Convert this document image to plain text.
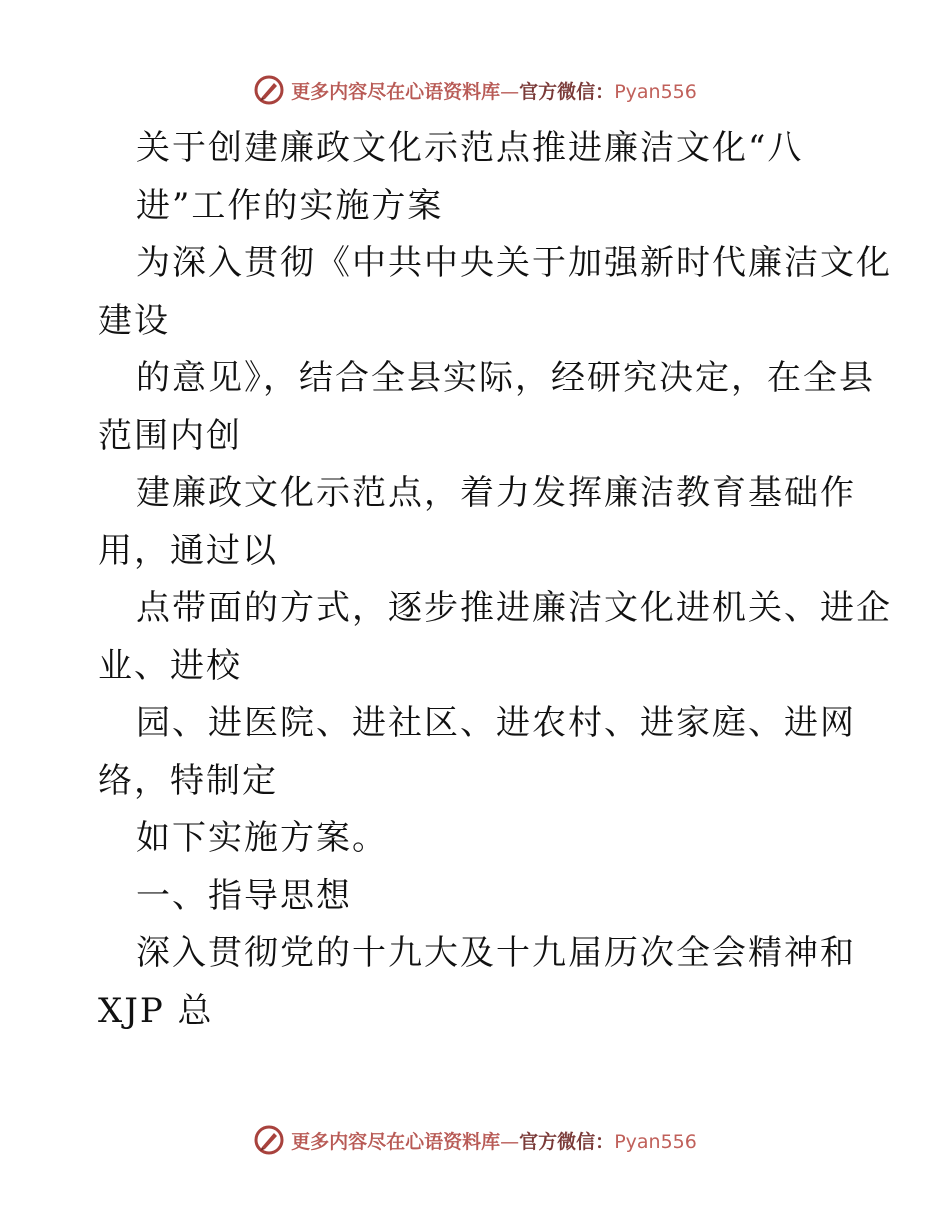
更多内容尽在心语资料库—官方微信：Pyan556
关于创建廉政文化示范点推进廉洁文化“八
进”工作的实施方案
为深入贯彻《中共中央关于加强新时代廉洁文化
建设
的意见》，结合全县实际，经研究决定，在全县
范围内创
建廉政文化示范点，着力发挥廉洁教育基础作
用，通过以
点带面的方式，逐步推进廉洁文化进机关、进企
业、进校
园、进医院、进社区、进农村、进家庭、进网
络，特制定
如下实施方案。
一、指导思想
深入贯彻党的十九大及十九届历次全会精神和
XJP 总
更多内容尽在心语资料库—官方微信：Pyan556
